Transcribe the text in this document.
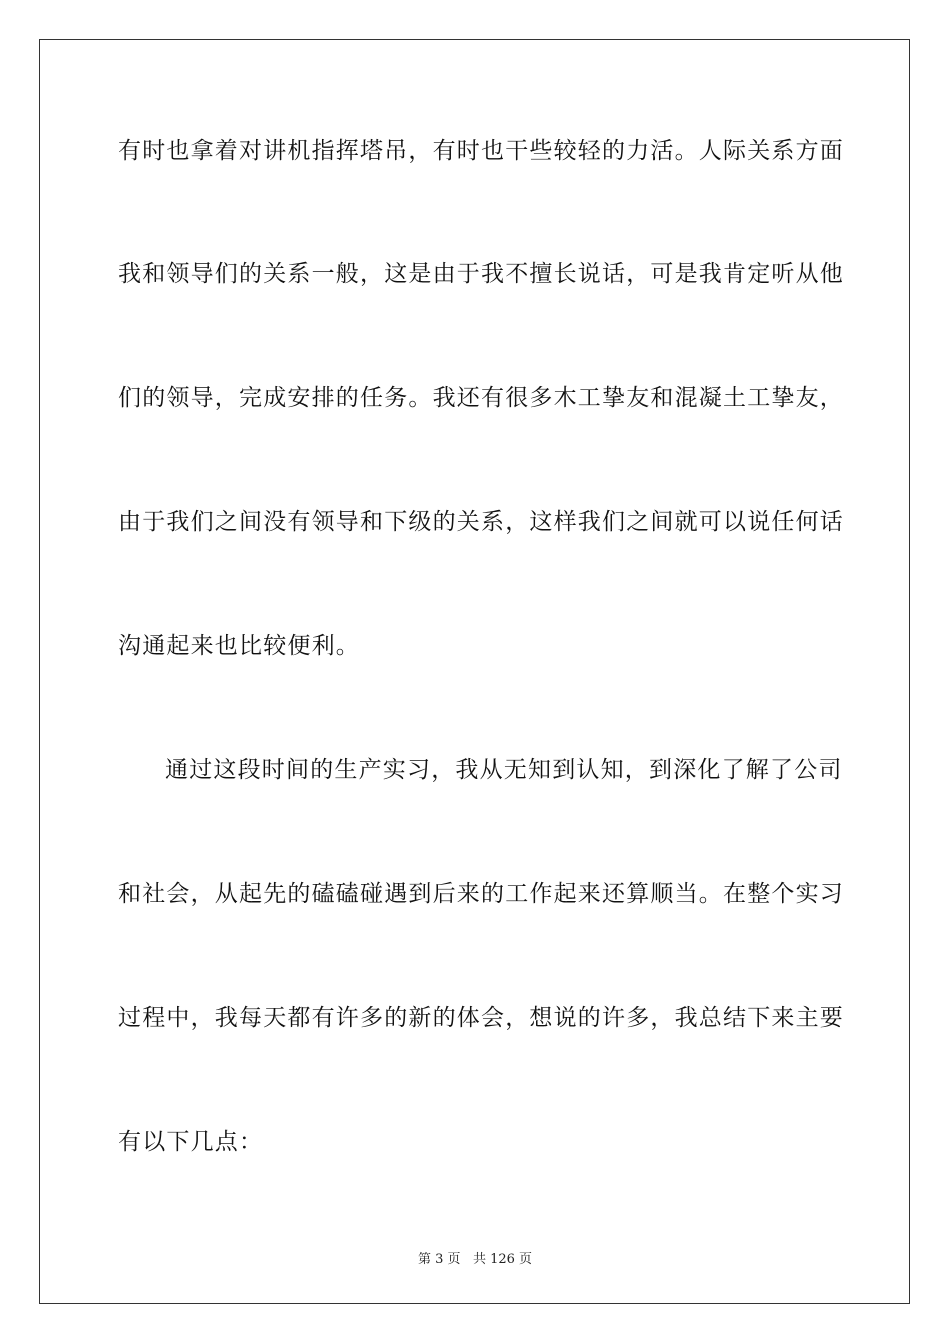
有时也拿着对讲机指挥塔吊，有时也干些较轻的力活。人际关系方面
我和领导们的关系一般，这是由于我不擅长说话，可是我肯定听从他
们的领导，完成安排的任务。我还有很多木工挚友和混凝土工挚友，
由于我们之间没有领导和下级的关系，这样我们之间就可以说任何话
沟通起来也比较便利。
通过这段时间的生产实习，我从无知到认知，到深化了解了公司
和社会，从起先的磕磕碰遇到后来的工作起来还算顺当。在整个实习
过程中，我每天都有许多的新的体会，想说的许多，我总结下来主要
有以下几点：
第 3 页 共 126 页
